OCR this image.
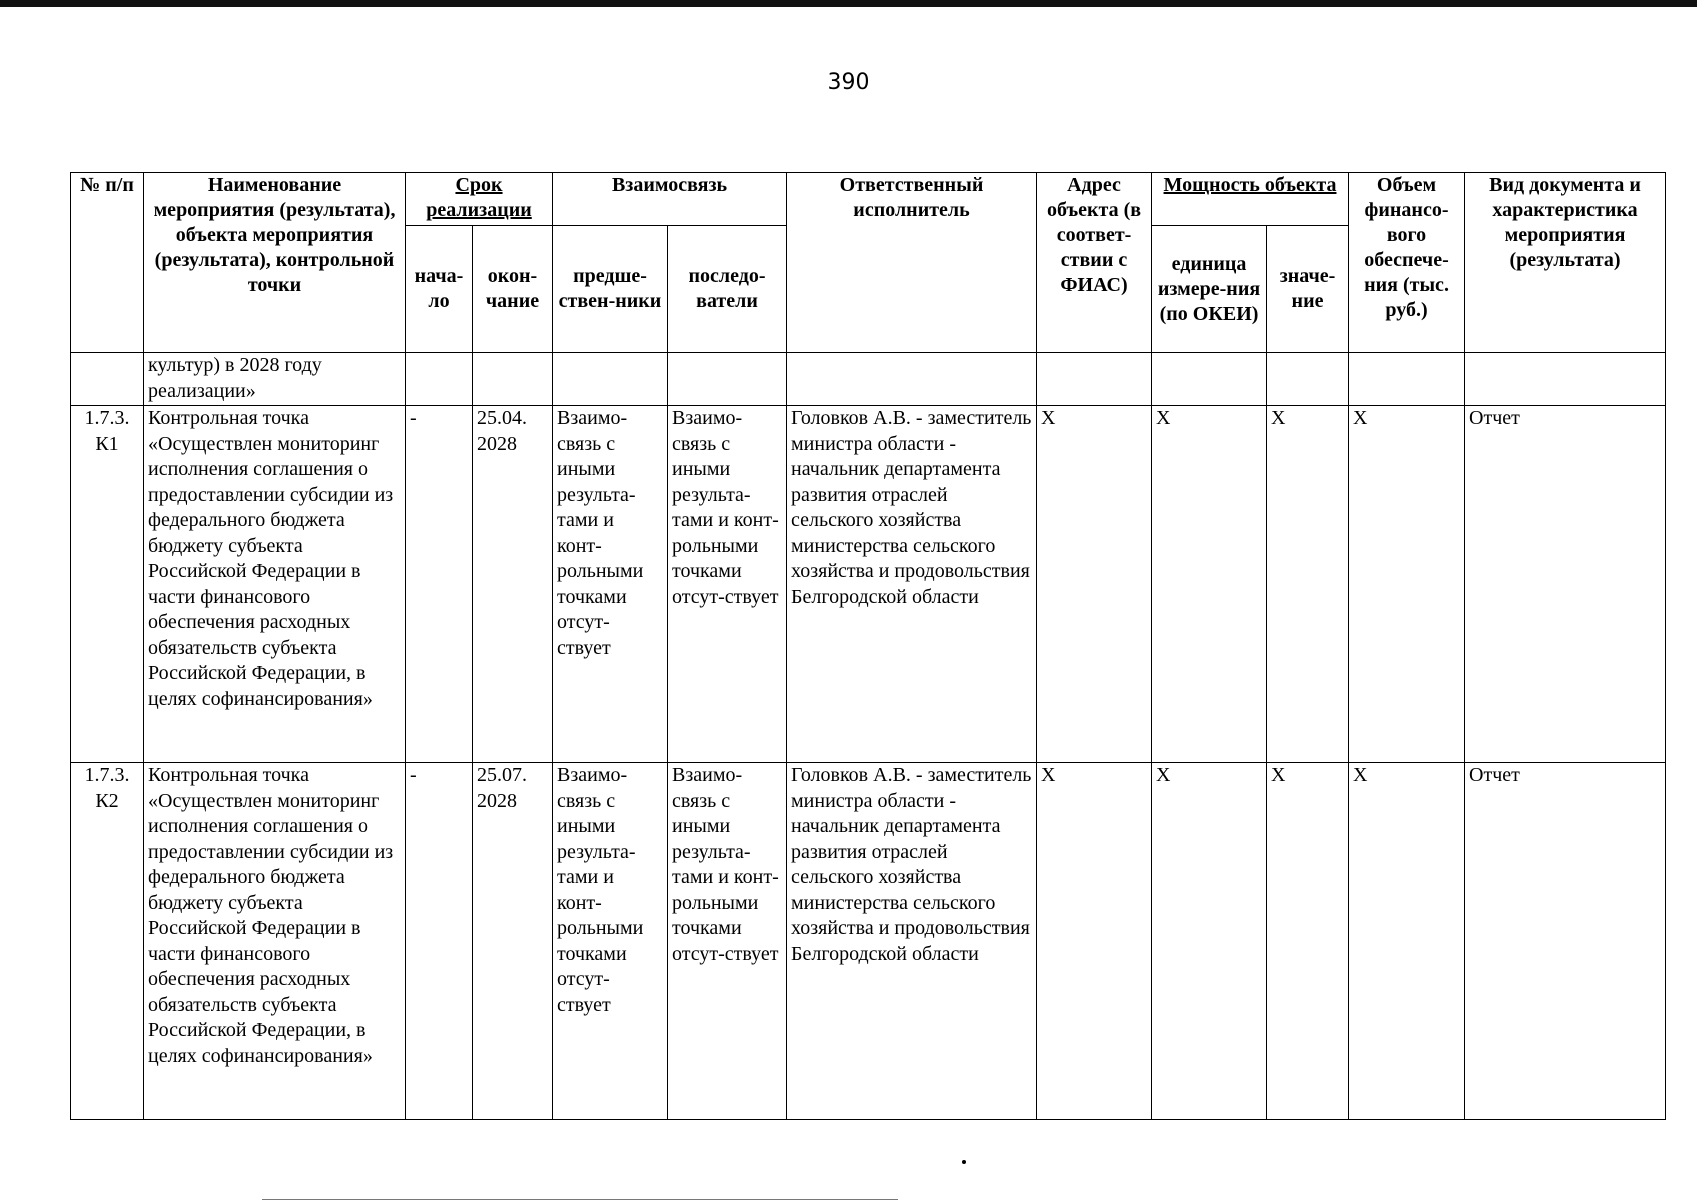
390
№ п/п	Наименование мероприятия (результата), объекта мероприятия (результата), контрольной точки	Срок реализации		Взаимосвязь		Ответственный исполнитель	Адрес объекта (в соответ-ствии с ФИАС)	Мощность объекта		Объем финансо-вого обеспече-ния (тыс. руб.)	Вид документа и характеристика мероприятия (результата)
		нача-ло	окон-чание	предше-ствен-ники	последо-ватели			единица измере-ния (по ОКЕИ)	значе-ние		
	культур) в 2028 году реализации»										
1.7.3. К1	Контрольная точка «Осуществлен мониторинг исполнения соглашения о предоставлении субсидии из федерального бюджета бюджету субъекта Российской Федерации в части финансового обеспечения расходных обязательств субъекта Российской Федерации, в целях софинансирования»	-	25.04. 2028	Взаимо-связь с иными результа-тами и конт-рольными точками отсут-ствует	Взаимо-связь с иными результа-тами и конт-рольными точками отсут-ствует	Головков А.В. - заместитель министра области - начальник департамента развития отраслей сельского хозяйства министерства сельского хозяйства и продовольствия Белгородской области	X	X	X	X	Отчет
1.7.3. К2	Контрольная точка «Осуществлен мониторинг исполнения соглашения о предоставлении субсидии из федерального бюджета бюджету субъекта Российской Федерации в части финансового обеспечения расходных обязательств субъекта Российской Федерации, в целях софинансирования»	-	25.07. 2028	Взаимо-связь с иными результа-тами и конт-рольными точками отсут-ствует	Взаимо-связь с иными результа-тами и конт-рольными точками отсут-ствует	Головков А.В. - заместитель министра области - начальник департамента развития отраслей сельского хозяйства министерства сельского хозяйства и продовольствия Белгородской области	X	X	X	X	Отчет
